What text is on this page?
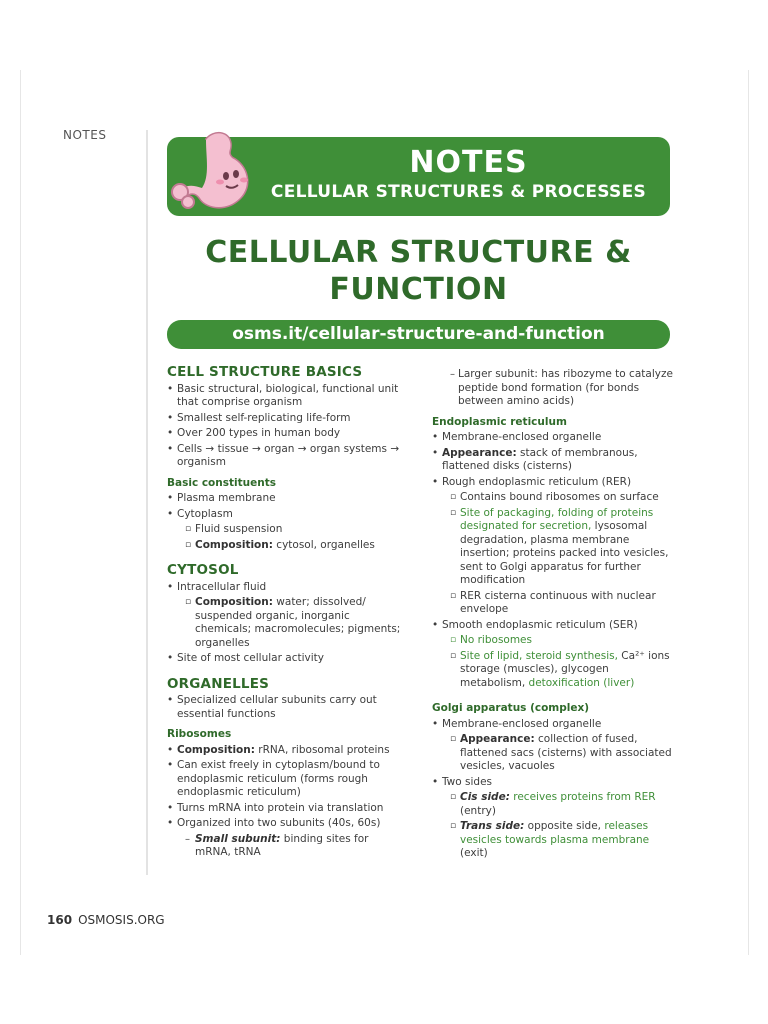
NOTES
NOTES
CELLULAR STRUCTURES & PROCESSES
CELLULAR STRUCTURE &
FUNCTION
osms.it/cellular-structure-and-function
CELL STRUCTURE BASICS
• Basic structural, biological, functional unit that comprise organism
• Smallest self-replicating life-form
• Over 200 types in human body
• Cells → tissue → organ → organ systems → organism
Basic constituents
• Plasma membrane
• Cytoplasm
▫ Fluid suspension
▫ Composition: cytosol, organelles
CYTOSOL
• Intracellular fluid
▫ Composition: water; dissolved/ suspended organic, inorganic chemicals; macromolecules; pigments; organelles
• Site of most cellular activity
ORGANELLES
• Specialized cellular subunits carry out essential functions
Ribosomes
• Composition: rRNA, ribosomal proteins
• Can exist freely in cytoplasm/bound to endoplasmic reticulum (forms rough endoplasmic reticulum)
• Turns mRNA into protein via translation
• Organized into two subunits (40s, 60s)
– Small subunit: binding sites for mRNA, tRNA
– Larger subunit: has ribozyme to catalyze peptide bond formation (for bonds between amino acids)
Endoplasmic reticulum
• Membrane-enclosed organelle
• Appearance: stack of membranous, flattened disks (cisterns)
• Rough endoplasmic reticulum (RER)
▫ Contains bound ribosomes on surface
▫ Site of packaging, folding of proteins designated for secretion, lysosomal degradation, plasma membrane insertion; proteins packed into vesicles, sent to Golgi apparatus for further modification
▫ RER cisterna continuous with nuclear envelope
• Smooth endoplasmic reticulum (SER)
▫ No ribosomes
▫ Site of lipid, steroid synthesis, Ca²⁺ ions storage (muscles), glycogen metabolism, detoxification (liver)
Golgi apparatus (complex)
• Membrane-enclosed organelle
▫ Appearance: collection of fused, flattened sacs (cisterns) with associated vesicles, vacuoles
• Two sides
▫ Cis side: receives proteins from RER (entry)
▫ Trans side: opposite side, releases vesicles towards plasma membrane (exit)
160 OSMOSIS.ORG
